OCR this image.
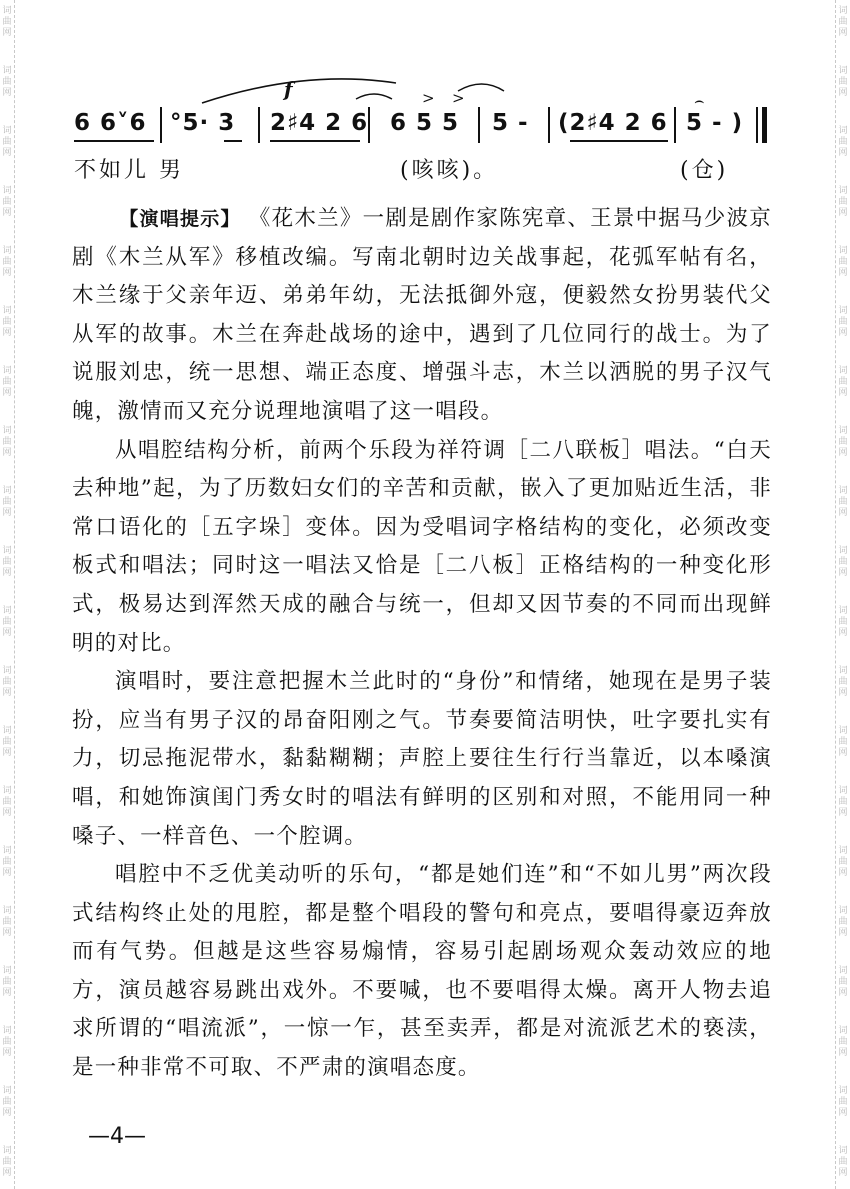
词
曲
网
词
曲
网
词
曲
网
词
曲
网
词
曲
网
词
曲
网
词
曲
网
词
曲
网
词
曲
网
词
曲
网
词
曲
网
词
曲
网
词
曲
网
词
曲
网
词
曲
网
词
曲
网
词
曲
网
词
曲
网
词
曲
网
词
曲
网
词
曲
网
词
曲
网
词
曲
网
词
曲
网
词
曲
网
词
曲
网
词
曲
网
词
曲
网
词
曲
网
词
曲
网
词
曲
网
词
曲
网
词
曲
网
词
曲
网
词
曲
网
词
曲
网
词
曲
网
词
曲
网
词
曲
网
词
曲
网
f	> >	⌢
6 6˅6 °5· 3 2♯4 2 6 6 5 5 5 - (2♯4 2 6 5 - )
不如儿 男	(咳咳)。	(仓)

【演唱提示】 《花木兰》一剧是剧作家陈宪章、王景中据马少波京剧《木兰从军》移植改编。写南北朝时边关战事起，花弧军帖有名，木兰缘于父亲年迈、弟弟年幼，无法抵御外寇，便毅然女扮男装代父从军的故事。木兰在奔赴战场的途中，遇到了几位同行的战士。为了说服刘忠，统一思想、端正态度、增强斗志，木兰以洒脱的男子汉气魄，激情而又充分说理地演唱了这一唱段。

从唱腔结构分析，前两个乐段为祥符调［二八联板］唱法。“白天去种地”起，为了历数妇女们的辛苦和贡献，嵌入了更加贴近生活，非常口语化的［五字垛］变体。因为受唱词字格结构的变化，必须改变板式和唱法；同时这一唱法又恰是［二八板］正格结构的一种变化形式，极易达到浑然天成的融合与统一，但却又因节奏的不同而出现鲜明的对比。

演唱时，要注意把握木兰此时的“身份”和情绪，她现在是男子装扮，应当有男子汉的昂奋阳刚之气。节奏要简洁明快，吐字要扎实有力，切忌拖泥带水，黏黏糊糊；声腔上要往生行行当靠近，以本嗓演唱，和她饰演闺门秀女时的唱法有鲜明的区别和对照，不能用同一种嗓子、一样音色、一个腔调。

唱腔中不乏优美动听的乐句，“都是她们连”和“不如儿男”两次段式结构终止处的甩腔，都是整个唱段的警句和亮点，要唱得豪迈奔放而有气势。但越是这些容易煽情，容易引起剧场观众轰动效应的地方，演员越容易跳出戏外。不要喊，也不要唱得太燥。离开人物去追求所谓的“唱流派”，一惊一乍，甚至卖弄，都是对流派艺术的亵渎，是一种非常不可取、不严肃的演唱态度。

—4—
